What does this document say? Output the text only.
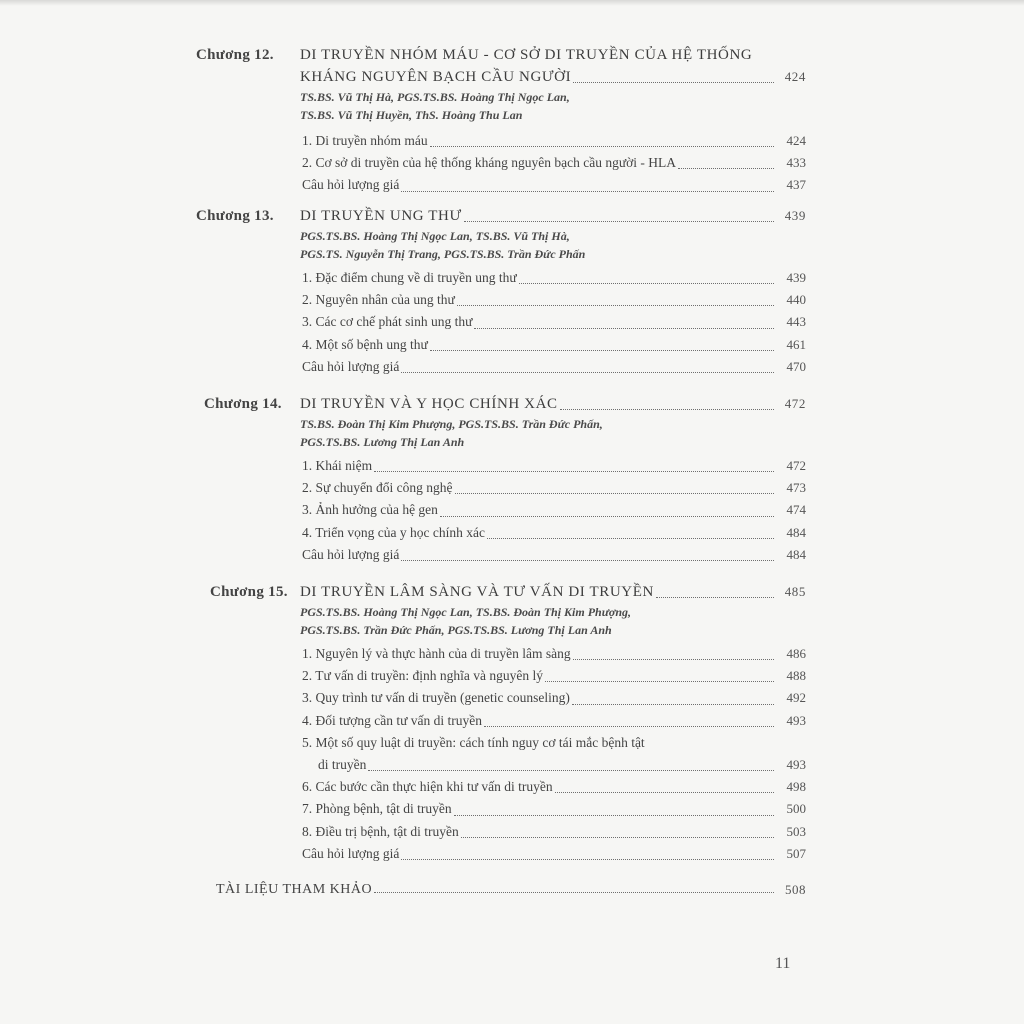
Chương 12.	DI TRUYỀN NHÓM MÁU - CƠ SỞ DI TRUYỀN CỦA HỆ THỐNG
KHÁNG NGUYÊN BẠCH CẦU NGƯỜI	424
TS.BS. Vũ Thị Hà, PGS.TS.BS. Hoàng Thị Ngọc Lan,
TS.BS. Vũ Thị Huyền, ThS. Hoàng Thu Lan
1. Di truyền nhóm máu	424
2. Cơ sở di truyền của hệ thống kháng nguyên bạch cầu người - HLA	433
Câu hỏi lượng giá	437
Chương 13.	DI TRUYỀN UNG THƯ	439
PGS.TS.BS. Hoàng Thị Ngọc Lan, TS.BS. Vũ Thị Hà,
PGS.TS. Nguyễn Thị Trang, PGS.TS.BS. Trần Đức Phấn
1. Đặc điểm chung về di truyền ung thư	439
2. Nguyên nhân của ung thư	440
3. Các cơ chế phát sinh ung thư	443
4. Một số bệnh ung thư	461
Câu hỏi lượng giá	470
Chương 14.	DI TRUYỀN VÀ Y HỌC CHÍNH XÁC	472
TS.BS. Đoàn Thị Kim Phượng, PGS.TS.BS. Trần Đức Phấn,
PGS.TS.BS. Lương Thị Lan Anh
1. Khái niệm	472
2. Sự chuyển đổi công nghệ	473
3. Ảnh hưởng của hệ gen	474
4. Triển vọng của y học chính xác	484
Câu hỏi lượng giá	484
Chương 15. DI TRUYỀN LÂM SÀNG VÀ TƯ VẤN DI TRUYỀN	485
PGS.TS.BS. Hoàng Thị Ngọc Lan, TS.BS. Đoàn Thị Kim Phượng,
PGS.TS.BS. Trần Đức Phấn, PGS.TS.BS. Lương Thị Lan Anh
1. Nguyên lý và thực hành của di truyền lâm sàng	486
2. Tư vấn di truyền: định nghĩa và nguyên lý	488
3. Quy trình tư vấn di truyền (genetic counseling)	492
4. Đối tượng cần tư vấn di truyền	493
5. Một số quy luật di truyền: cách tính nguy cơ tái mắc bệnh tật
di truyền	493
6. Các bước cần thực hiện khi tư vấn di truyền	498
7. Phòng bệnh, tật di truyền	500
8. Điều trị bệnh, tật di truyền	503
Câu hỏi lượng giá	507
TÀI LIỆU THAM KHẢO	508
11
